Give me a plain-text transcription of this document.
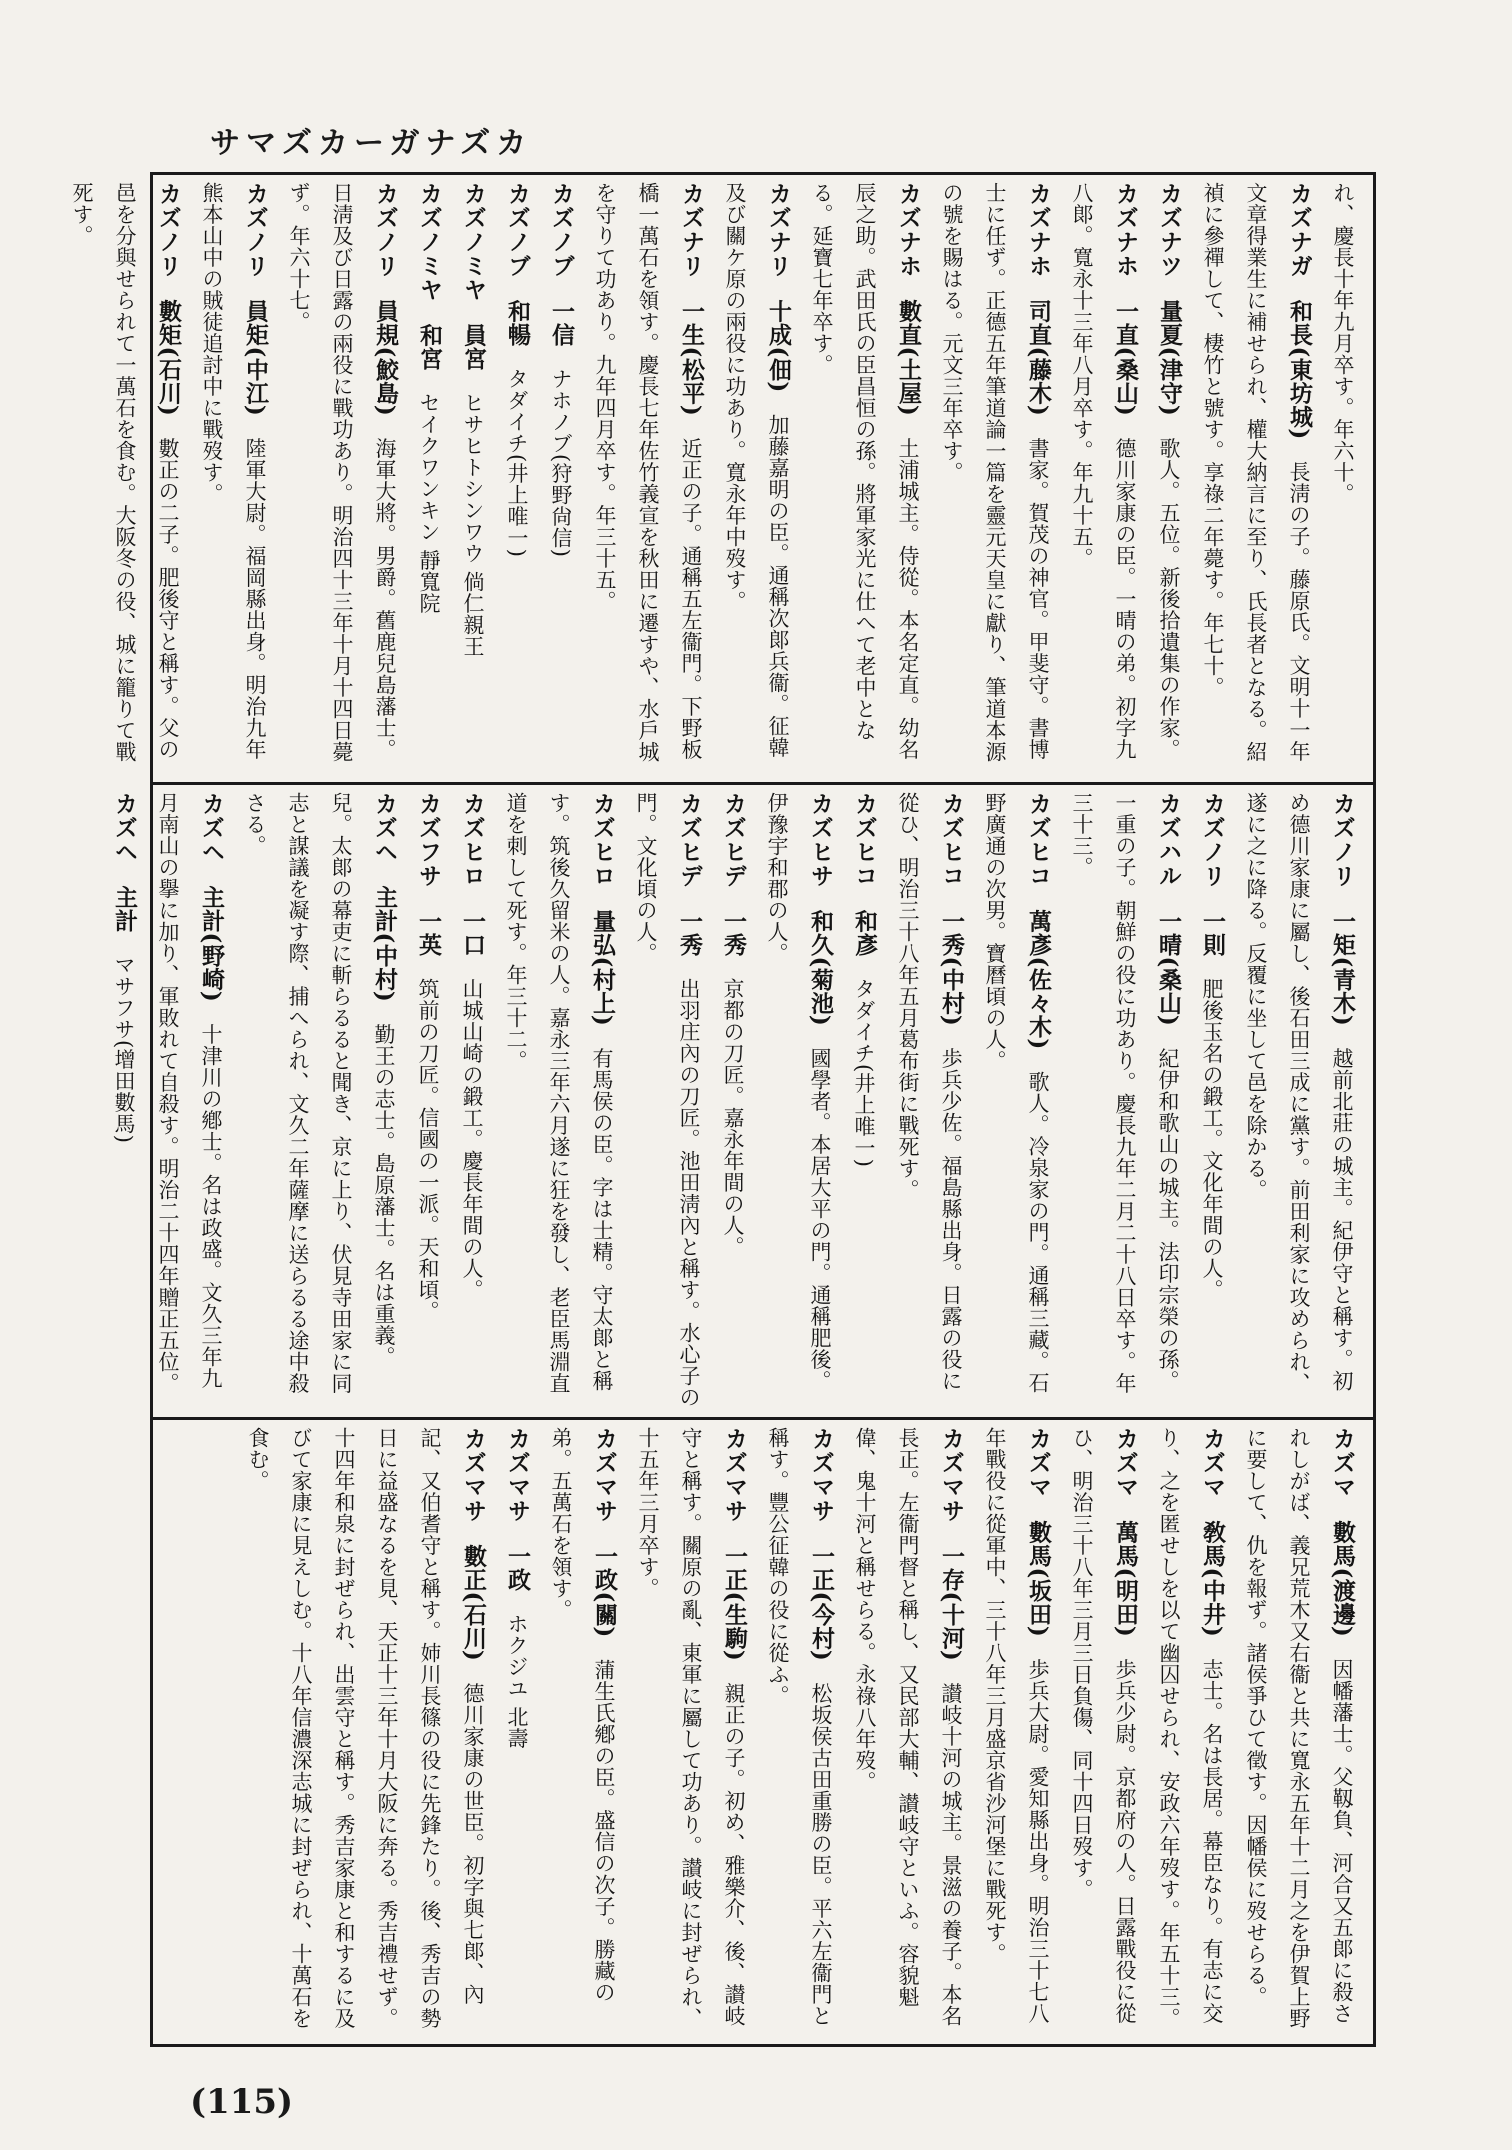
サマズカーガナズカ

れ、慶長十年九月卒す。年六十。

カズナガ　和長(東坊城)　長淸の子。藤原氏。文明十一年文章得業生に補せられ、權大納言に至り、氏長者となる。紹禎に參禪して、棲竹と號す。享祿二年薨す。年七十。

カズナツ　量夏(津守)　歌人。五位。新後拾遺集の作家。

カズナホ　一直(桑山)　德川家康の臣。一晴の弟。初字九八郞。寬永十三年八月卒す。年九十五。

カズナホ　司直(藤木)　書家。賀茂の神官。甲斐守。書博士に任ず。正德五年筆道論一篇を靈元天皇に獻り、筆道本源の號を賜はる。元文三年卒す。

カズナホ　數直(土屋)　土浦城主。侍從。本名定直。幼名辰之助。武田氏の臣昌恒の孫。將軍家光に仕へて老中となる。延寶七年卒す。

カズナリ　十成(佃)　加藤嘉明の臣。通稱次郞兵衞。征韓及び關ケ原の兩役に功あり。寬永年中歿す。

カズナリ　一生(松平)　近正の子。通稱五左衞門。下野板橋一萬石を領す。慶長七年佐竹義宣を秋田に遷すや、水戶城を守りて功あり。九年四月卒す。年三十五。

カズノブ　一信　ナホノブ(狩野尙信)

カズノブ　和暢　タダイチ(井上唯一)

カズノミヤ　員宮　ヒサヒトシンワウ 倘仁親王

カズノミヤ　和宮　セイクワンキン 靜寬院

カズノリ　員規(鮫島)　海軍大將。男爵。舊鹿兒島藩士。日淸及び日露の兩役に戰功あり。明治四十三年十月十四日薨ず。年六十七。

カズノリ　員矩(中江)　陸軍大尉。福岡縣出身。明治九年熊本山中の賊徒追討中に戰歿す。

カズノリ　數矩(石川)　數正の二子。肥後守と稱す。父の邑を分與せられて一萬石を食む。大阪冬の役、城に籠りて戰死す。

カズノリ　一矩(青木)　越前北莊の城主。紀伊守と稱す。初め德川家康に屬し、後石田三成に黨す。前田利家に攻められ、遂に之に降る。反覆に坐して邑を除かる。

カズノリ　一則　肥後玉名の鍛工。文化年間の人。

カズハル　一晴(桑山)　紀伊和歌山の城主。法印宗榮の孫。一重の子。朝鮮の役に功あり。慶長九年二月二十八日卒す。年三十三。

カズヒコ　萬彥(佐々木)　歌人。冷泉家の門。通稱三藏。石野廣通の次男。寶曆頃の人。

カズヒコ　一秀(中村)　歩兵少佐。福島縣出身。日露の役に從ひ、明治三十八年五月葛布街に戰死す。

カズヒコ　和彥　タダイチ(井上唯一)

カズヒサ　和久(菊池)　國學者。本居大平の門。通稱肥後。伊豫宇和郡の人。

カズヒデ　一秀　京都の刀匠。嘉永年間の人。

カズヒデ　一秀　出羽庄內の刀匠。池田淸內と稱す。水心子の門。文化頃の人。

カズヒロ　量弘(村上)　有馬侯の臣。字は士精。守太郞と稱す。筑後久留米の人。嘉永三年六月遂に狂を發し、老臣馬淵直道を刺して死す。年三十二。

カズヒロ　一口　山城山崎の鍛工。慶長年間の人。

カズフサ　一英　筑前の刀匠。信國の一派。天和頃。

カズヘ　主計(中村)　勤王の志士。島原藩士。名は重義。兒。太郞の幕吏に斬らるると聞き、京に上り、伏見寺田家に同志と謀議を凝す際、捕へられ、文久二年薩摩に送らるる途中殺さる。

カズヘ　主計(野崎)　十津川の鄕士。名は政盛。文久三年九月南山の擧に加り、軍敗れて自殺す。明治二十四年贈正五位。

カズヘ　主計　マサフサ(增田數馬)

カズマ　數馬(渡邊)　因幡藩士。父靱負、河合又五郞に殺されしがば、義兄荒木又右衞と共に寬永五年十二月之を伊賀上野に要して、仇を報ず。諸侯爭ひて徵す。因幡侯に歿せらる。

カズマ　敎馬(中井)　志士。名は長居。幕臣なり。有志に交り、之を匿せしを以て幽囚せられ、安政六年歿す。年五十三。

カズマ　萬馬(明田)　歩兵少尉。京都府の人。日露戰役に從ひ、明治三十八年三月三日負傷、同十四日歿す。

カズマ　數馬(坂田)　歩兵大尉。愛知縣出身。明治三十七八年戰役に從軍中、三十八年三月盛京省沙河堡に戰死す。

カズマサ　一存(十河)　讃岐十河の城主。景滋の養子。本名長正。左衞門督と稱し、又民部大輔、讃岐守といふ。容貌魁偉、鬼十河と稱せらる。永祿八年歿。

カズマサ　一正(今村)　松坂侯古田重勝の臣。平六左衞門と稱す。豐公征韓の役に從ふ。

カズマサ　一正(生駒)　親正の子。初め、雅樂介、後、讃岐守と稱す。關原の亂、東軍に屬して功あり。讃岐に封ぜられ、十五年三月卒す。

カズマサ　一政(關)　蒲生氏鄕の臣。盛信の次子。勝藏の弟。五萬石を領す。

カズマサ　一政　ホクジユ 北壽

カズマサ　數正(石川)　德川家康の世臣。初字與七郞、內記、又伯耆守と稱す。姉川長篠の役に先鋒たり。後、秀吉の勢日に益盛なるを見、天正十三年十月大阪に奔る。秀吉禮せず。十四年和泉に封ぜられ、出雲守と稱す。秀吉家康と和するに及びて家康に見えしむ。十八年信濃深志城に封ぜられ、十萬石を食む。

(115)
